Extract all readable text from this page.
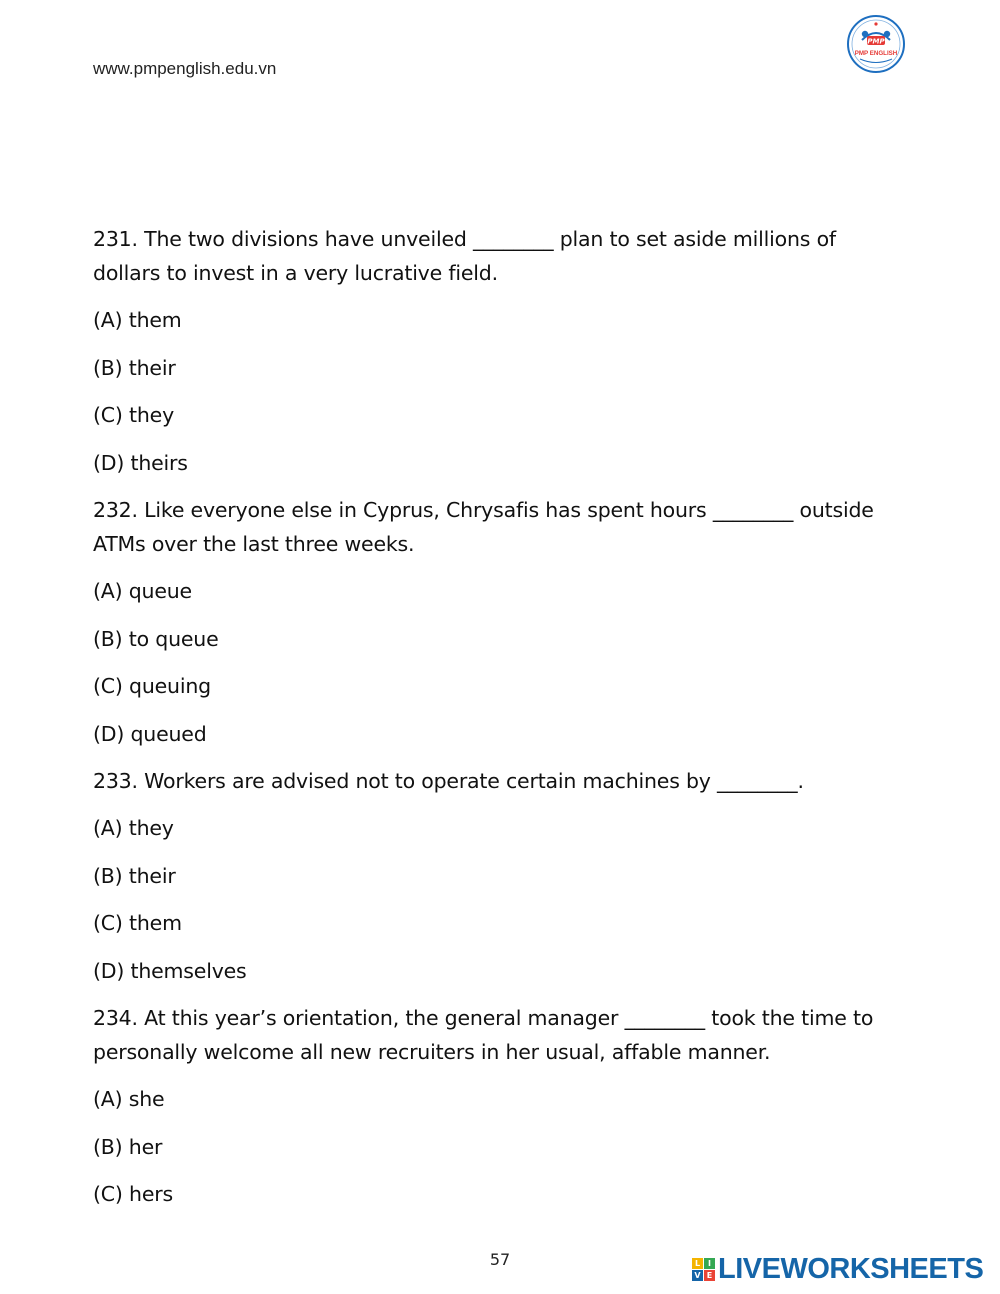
www.pmpenglish.edu.vn
PMP
PMP ENGLISH
231. The two divisions have unveiled ________ plan to set aside millions of
dollars to invest in a very lucrative field.
(A) them
(B) their
(C) they
(D) theirs
232. Like everyone else in Cyprus, Chrysafis has spent hours ________ outside
ATMs over the last three weeks.
(A) queue
(B) to queue
(C) queuing
(D) queued
233. Workers are advised not to operate certain machines by ________.
(A) they
(B) their
(C) them
(D) themselves
234. At this year’s orientation, the general manager ________ took the time to
personally welcome all new recruiters in her usual, affable manner.
(A) she
(B) her
(C) hers
57	L I
V E LIVEWORKSHEETS
